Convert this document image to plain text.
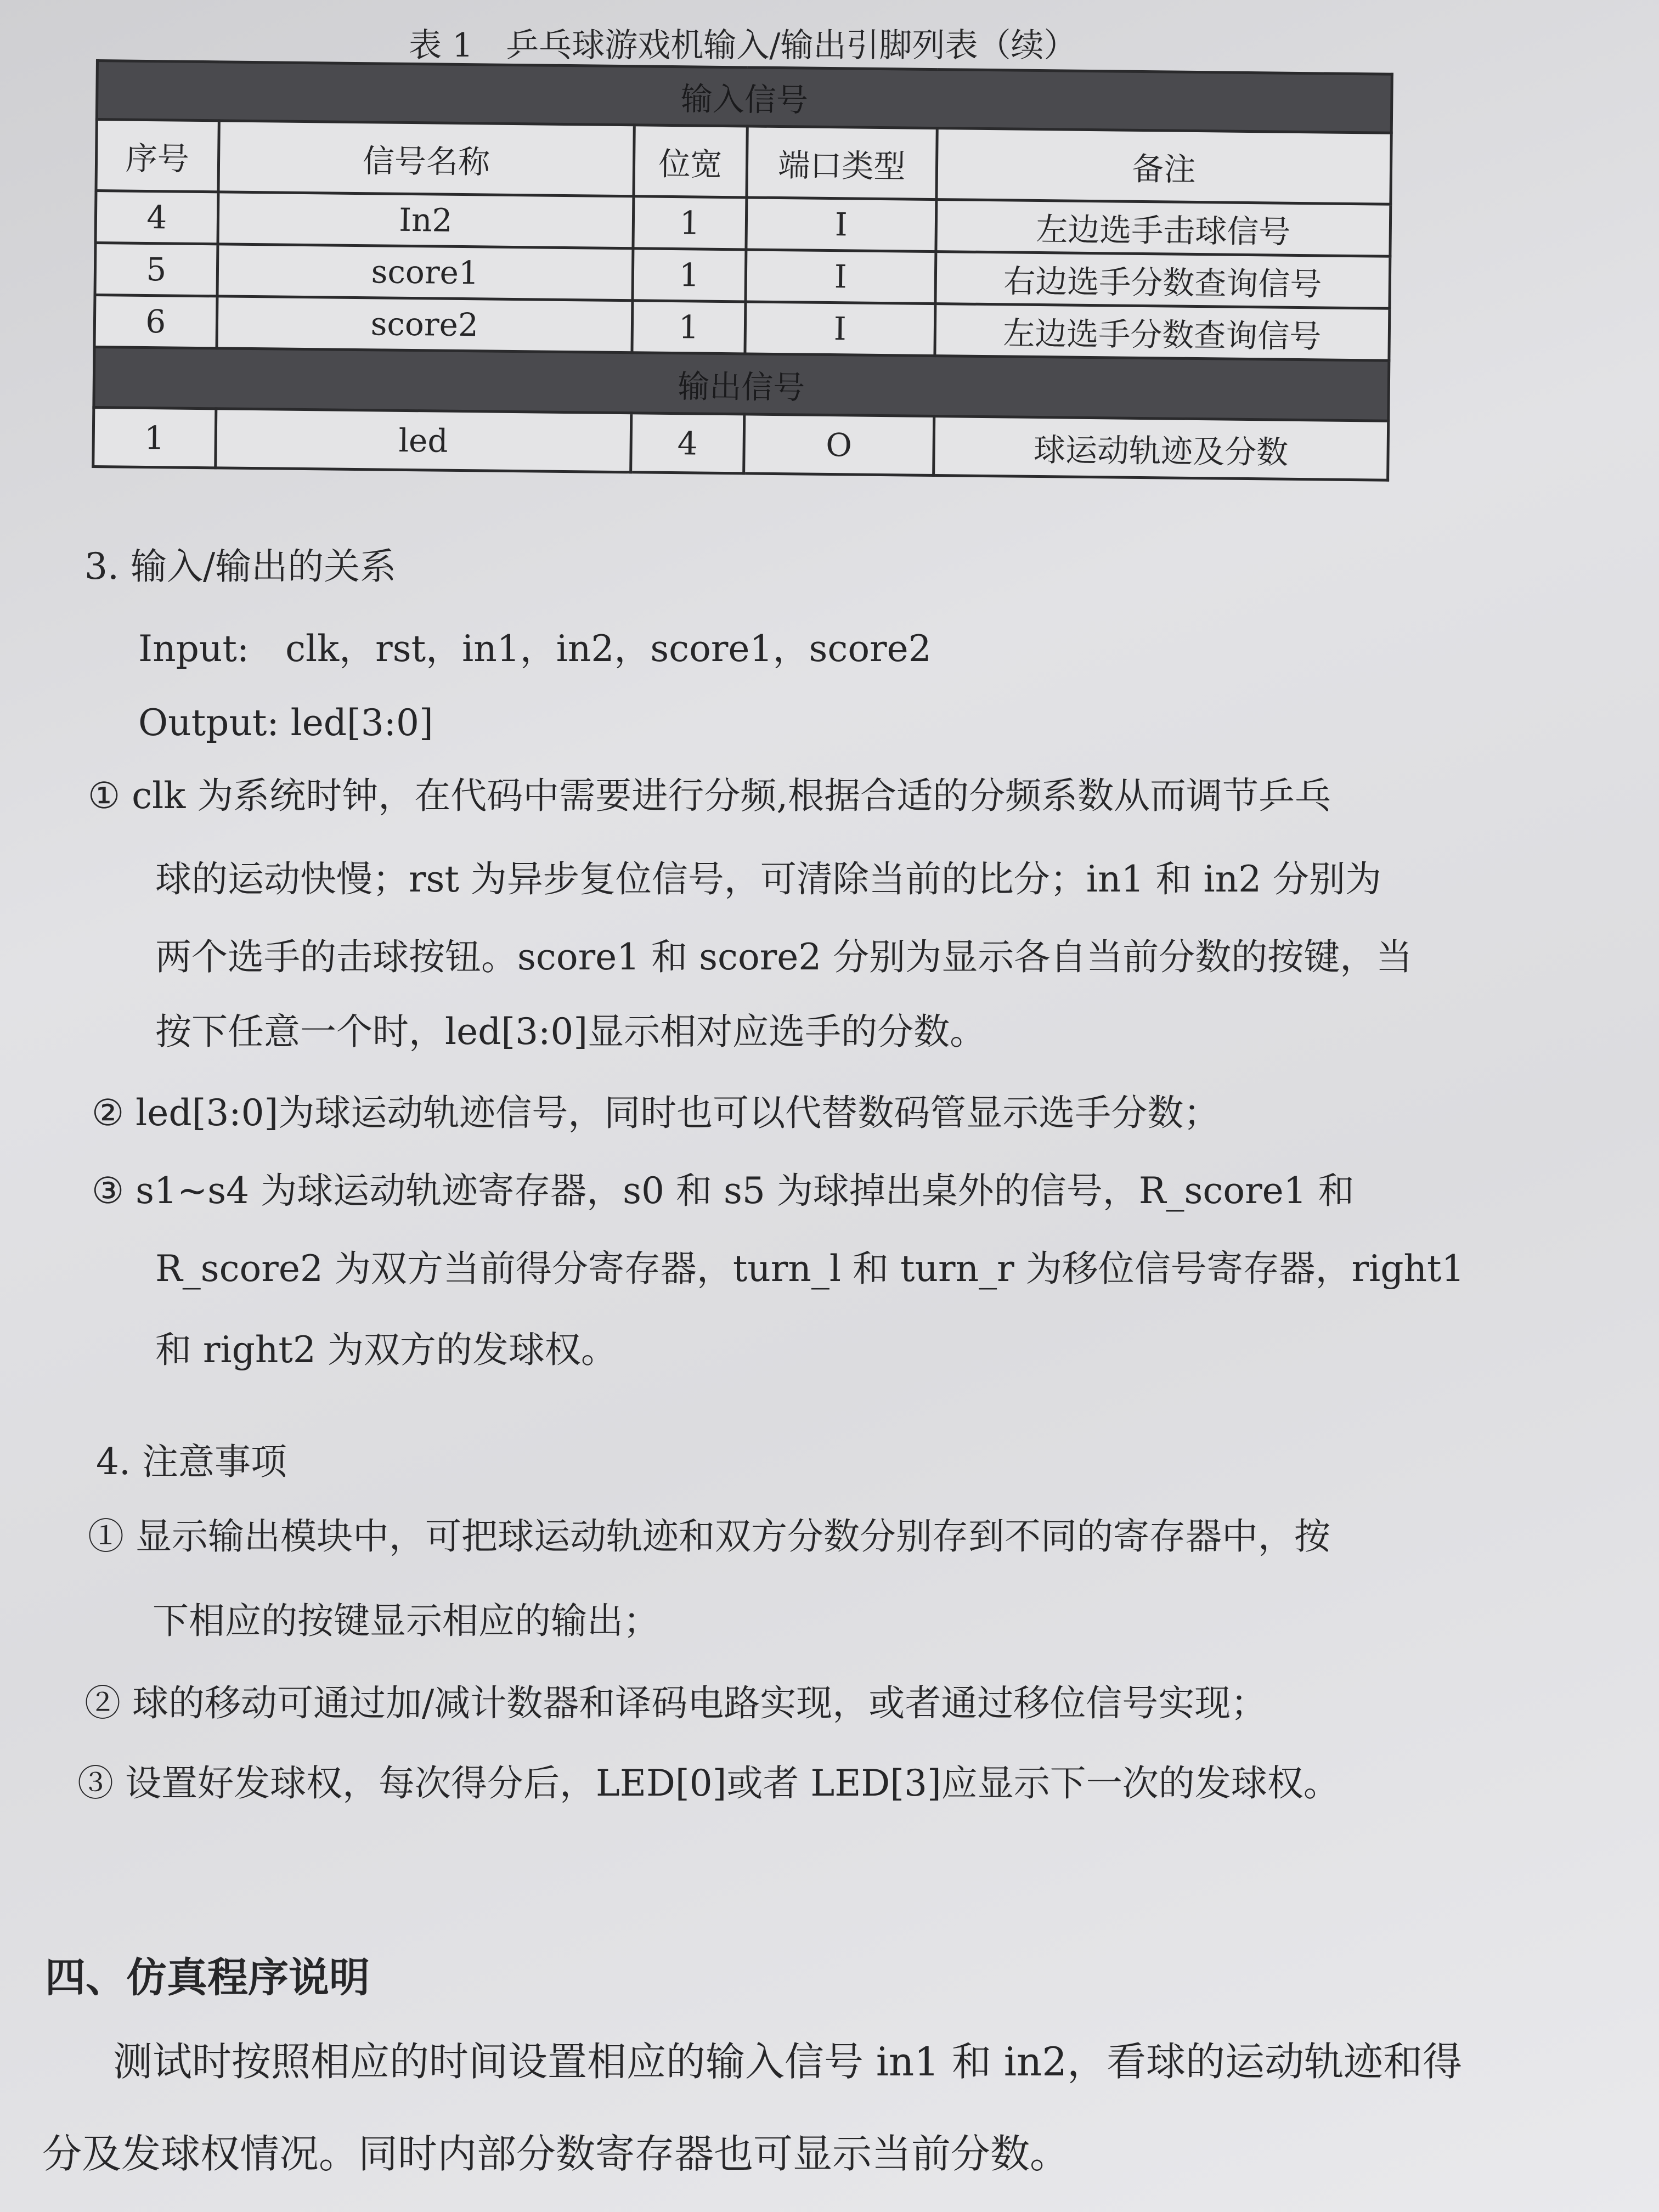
表 1　乒乓球游戏机输入/输出引脚列表（续）
输入信号				
序号	信号名称	位宽	端口类型	备注
4	In2	1	I	左边选手击球信号
5	score1	1	I	右边选手分数查询信号
6	score2	1	I	左边选手分数查询信号
输出信号				
1	led	4	O	球运动轨迹及分数
3. 输入/输出的关系
Input:　clk，rst，in1，in2，score1，score2
Output: led[3:0]
① clk 为系统时钟，在代码中需要进行分频,根据合适的分频系数从而调节乒乓
球的运动快慢；rst 为异步复位信号，可清除当前的比分；in1 和 in2 分别为
两个选手的击球按钮。score1 和 score2 分别为显示各自当前分数的按键，当
按下任意一个时，led[3:0]显示相对应选手的分数。
② led[3:0]为球运动轨迹信号，同时也可以代替数码管显示选手分数；
③ s1~s4 为球运动轨迹寄存器，s0 和 s5 为球掉出桌外的信号，R_score1 和
R_score2 为双方当前得分寄存器，turn_l 和 turn_r 为移位信号寄存器，right1
和 right2 为双方的发球权。
4. 注意事项
① 显示输出模块中，可把球运动轨迹和双方分数分别存到不同的寄存器中，按
下相应的按键显示相应的输出；
② 球的移动可通过加/减计数器和译码电路实现，或者通过移位信号实现；
③ 设置好发球权，每次得分后，LED[0]或者 LED[3]应显示下一次的发球权。
四、仿真程序说明
测试时按照相应的时间设置相应的输入信号 in1 和 in2，看球的运动轨迹和得
分及发球权情况。同时内部分数寄存器也可显示当前分数。
